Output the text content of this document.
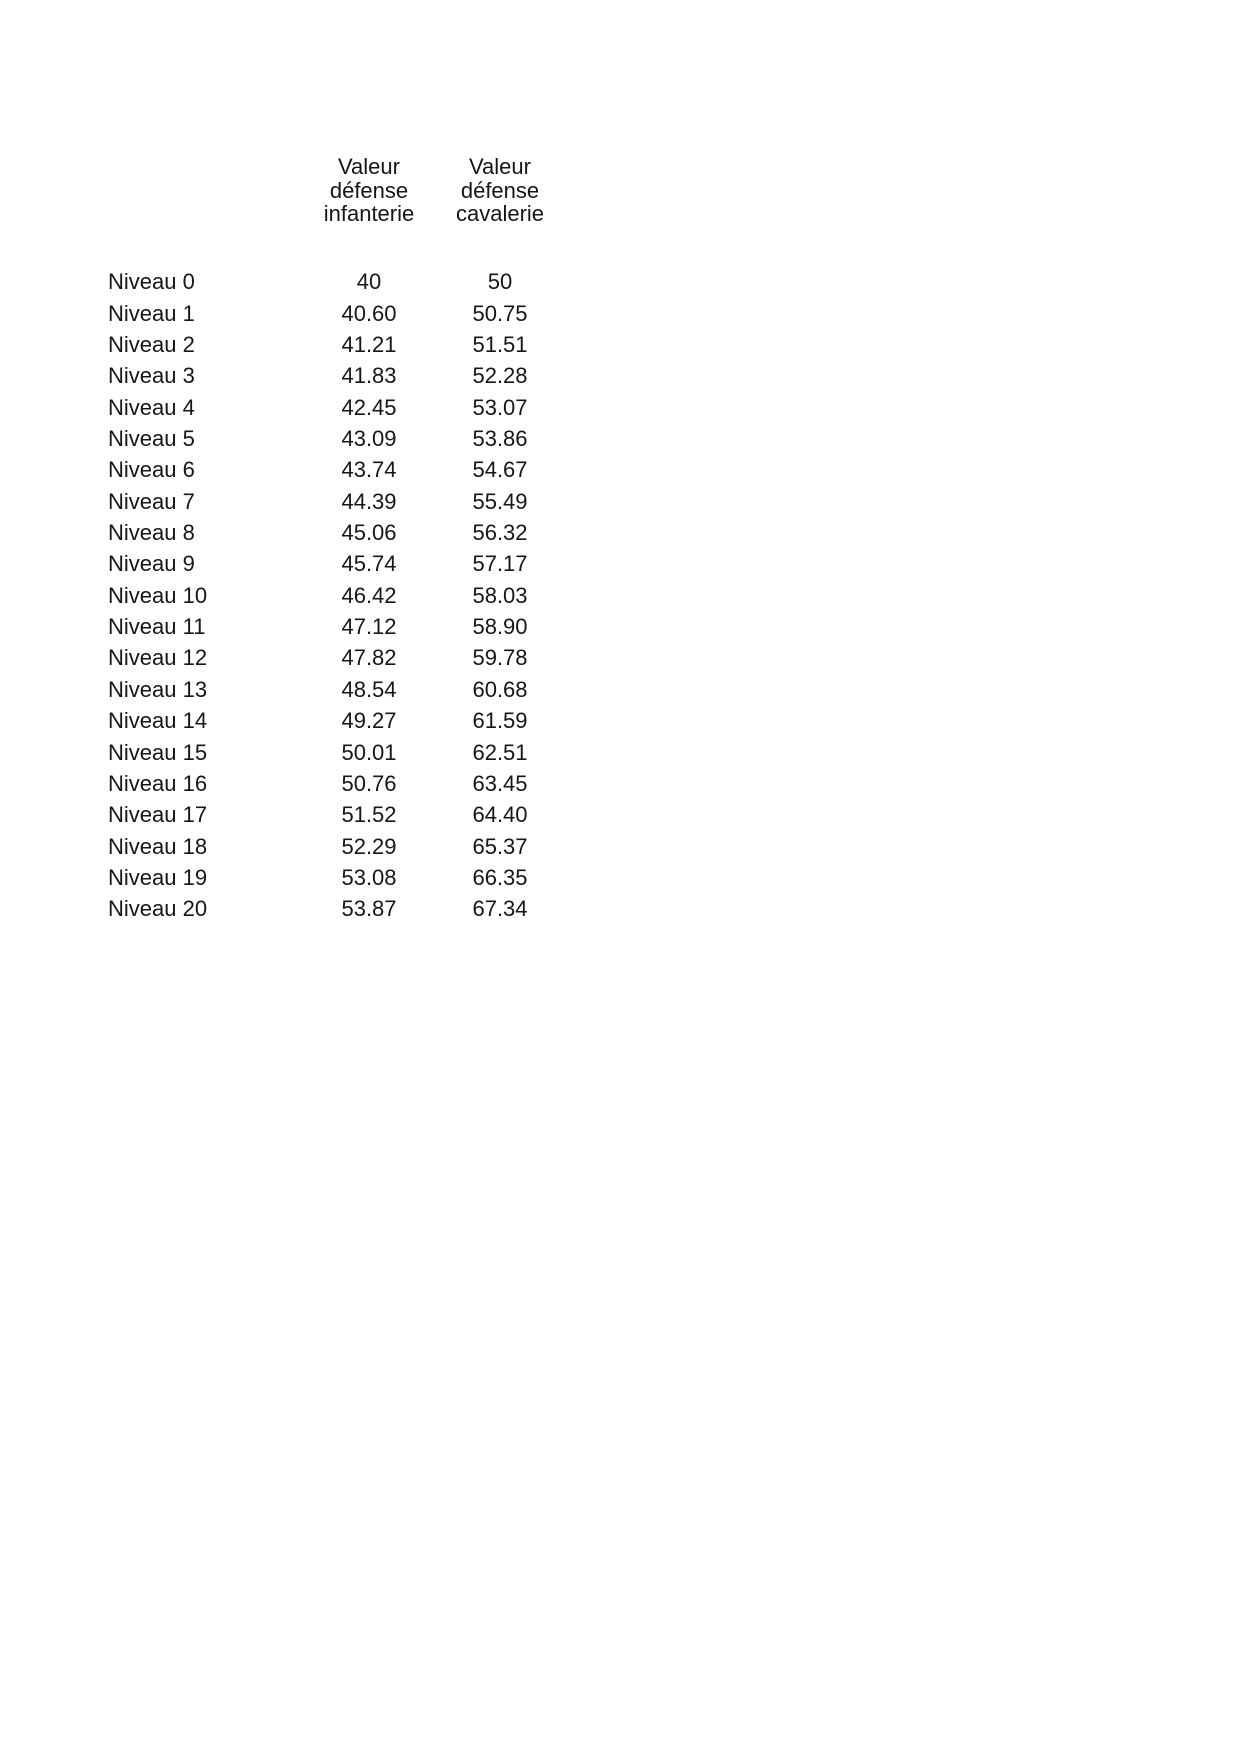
Valeur
défense
infanterie
Valeur
défense
cavalerie
Niveau 0	40	50
Niveau 1	40.60	50.75
Niveau 2	41.21	51.51
Niveau 3	41.83	52.28
Niveau 4	42.45	53.07
Niveau 5	43.09	53.86
Niveau 6	43.74	54.67
Niveau 7	44.39	55.49
Niveau 8	45.06	56.32
Niveau 9	45.74	57.17
Niveau 10	46.42	58.03
Niveau 11	47.12	58.90
Niveau 12	47.82	59.78
Niveau 13	48.54	60.68
Niveau 14	49.27	61.59
Niveau 15	50.01	62.51
Niveau 16	50.76	63.45
Niveau 17	51.52	64.40
Niveau 18	52.29	65.37
Niveau 19	53.08	66.35
Niveau 20	53.87	67.34
